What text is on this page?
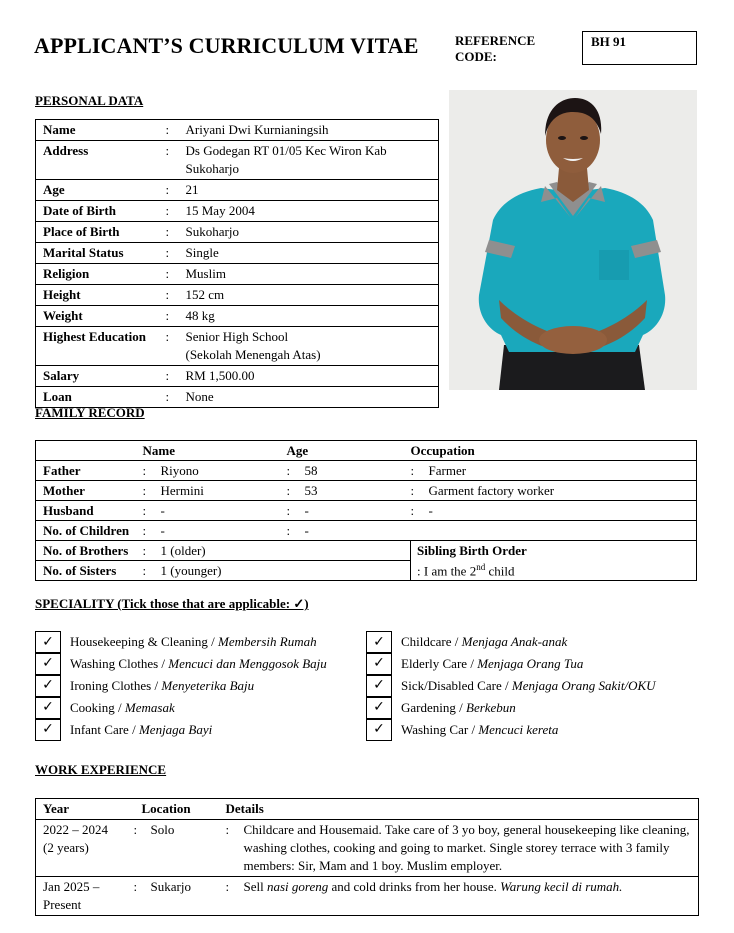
APPLICANT’S CURRICULUM VITAE	REFERENCE
CODE:
BH 91
PERSONAL DATA
Name	:	Ariyani Dwi Kurnianingsih

Address	:	Ds Godegan RT 01/05 Kec Wiron Kab
Sukoharjo

Age	:	21

Date of Birth	:	15 May 2004

Place of Birth	:	Sukoharjo

Marital Status	:	Single

Religion	:	Muslim

Height	:	152 cm

Weight	:	48 kg

Highest Education	:	Senior High School
(Sekolah Menengah Atas)

Salary	:	RM 1,500.00

Loan	:	None
FAMILY RECORD
	Name	Age	Occupation
Father	: Riyono	: 58	: Farmer
Mother	: Hermini	: 53	: Garment factory worker
Husband	: -	: -	: -
No. of Children	: -	: -	
No. of Brothers	: 1 (older)		Sibling Birth Order
: I am the 2nd child

No. of Sisters	: 1 (younger)		
SPECIALITY (Tick those that are applicable: ✓)
✓	Housekeeping & Cleaning / Membersih Rumah
✓	Washing Clothes / Mencuci dan Menggosok Baju
✓	Ironing Clothes / Menyeterika Baju
✓	Cooking / Memasak
✓	Infant Care / Menjaga Bayi
✓	Childcare / Menjaga Anak-anak
✓	Elderly Care / Menjaga Orang Tua
✓	Sick/Disabled Care / Menjaga Orang Sakit/OKU
✓	Gardening / Berkebun
✓	Washing Car / Mencuci kereta
WORK EXPERIENCE
Year	Location	Details	

2022 – 2024
(2 years)	: Solo	:	Childcare and Housemaid. Take care of 3 yo boy, general housekeeping like cleaning, washing clothes, cooking and going to market. Single storey terrace with 3 family members: Sir, Mam and 1 boy. Muslim employer.

Jan 2025 –
Present	: Sukarjo	:	Sell nasi goreng and cold drinks from her house. Warung kecil di rumah.
